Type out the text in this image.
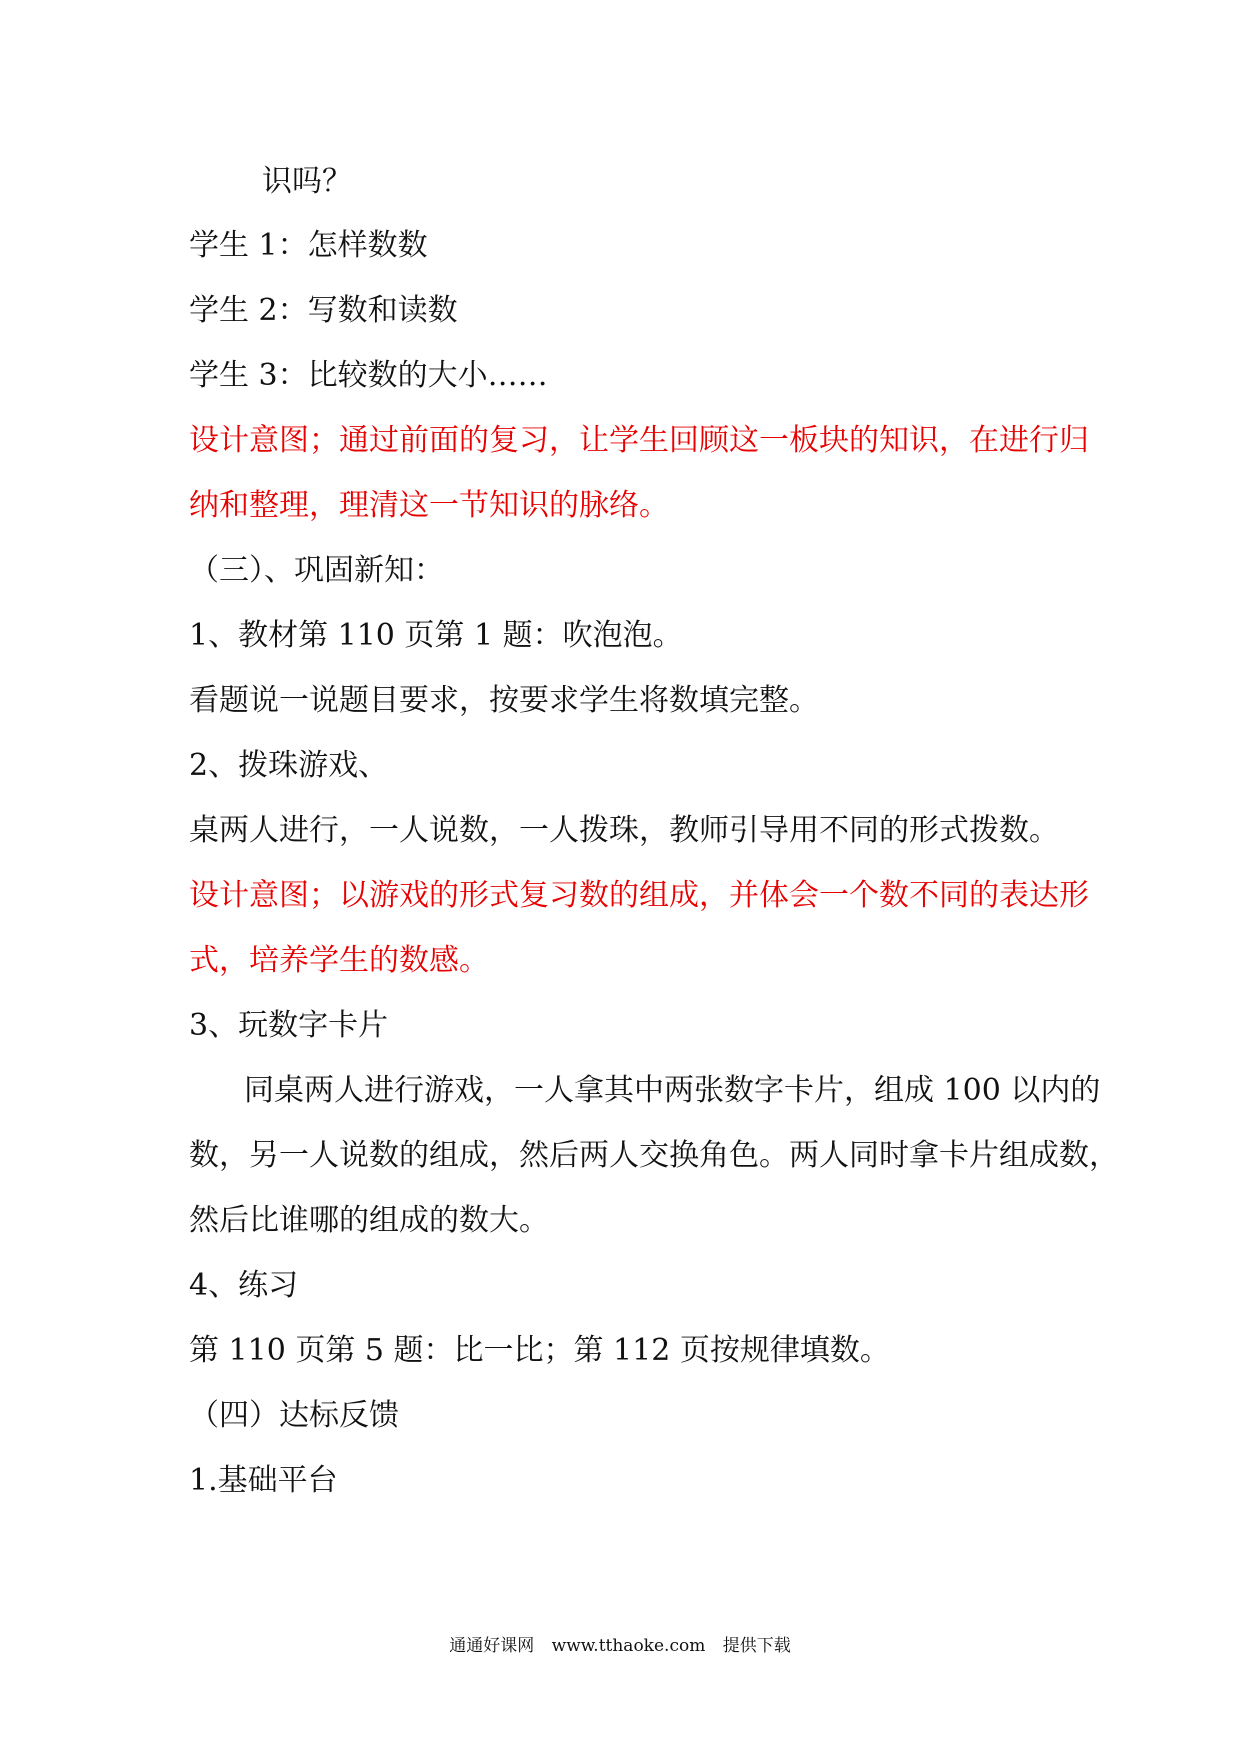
识吗？
学生 1：怎样数数
学生 2：写数和读数
学生 3：比较数的大小……
设计意图；通过前面的复习，让学生回顾这一板块的知识，在进行归
纳和整理，理清这一节知识的脉络。
（三）、巩固新知：
1、教材第 110 页第 1 题：吹泡泡。
看题说一说题目要求，按要求学生将数填完整。
2、拨珠游戏、
桌两人进行，一人说数，一人拨珠，教师引导用不同的形式拨数。
设计意图；以游戏的形式复习数的组成，并体会一个数不同的表达形
式，培养学生的数感。
3、玩数字卡片
同桌两人进行游戏，一人拿其中两张数字卡片，组成 100 以内的
数，另一人说数的组成，然后两人交换角色。两人同时拿卡片组成数，
然后比谁哪的组成的数大。
4、练习
第 110 页第 5 题：比一比；第 112 页按规律填数。
（四）达标反馈
1.基础平台
通通好课网 www.tthaoke.com 提供下载
